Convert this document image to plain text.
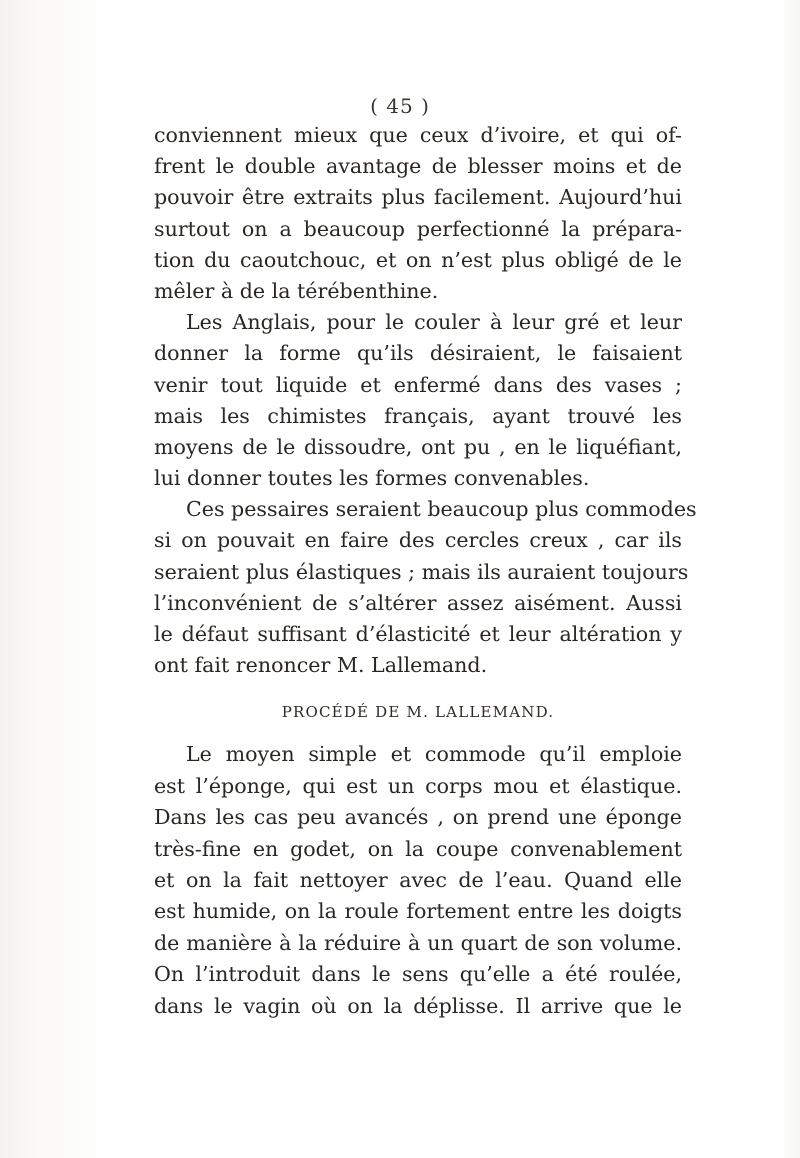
( 45 )
conviennent mieux que ceux d’ivoire, et qui of-
frent le double avantage de blesser moins et de
pouvoir être extraits plus facilement. Aujourd’hui
surtout on a beaucoup perfectionné la prépara-
tion du caoutchouc, et on n’est plus obligé de le
mêler à de la térébenthine.
Les Anglais, pour le couler à leur gré et leur
donner la forme qu’ils désiraient, le faisaient
venir tout liquide et enfermé dans des vases ;
mais les chimistes français, ayant trouvé les
moyens de le dissoudre, ont pu , en le liquéfiant,
lui donner toutes les formes convenables.
Ces pessaires seraient beaucoup plus commodes
si on pouvait en faire des cercles creux , car ils
seraient plus élastiques ; mais ils auraient toujours
l’inconvénient de s’altérer assez aisément. Aussi
le défaut suffisant d’élasticité et leur altération y
ont fait renoncer M. Lallemand.
PROCÉDÉ DE M. LALLEMAND.
Le moyen simple et commode qu’il emploie
est l’éponge, qui est un corps mou et élastique.
Dans les cas peu avancés , on prend une éponge
très-fine en godet, on la coupe convenablement
et on la fait nettoyer avec de l’eau. Quand elle
est humide, on la roule fortement entre les doigts
de manière à la réduire à un quart de son volume.
On l’introduit dans le sens qu’elle a été roulée,
dans le vagin où on la déplisse. Il arrive que le
